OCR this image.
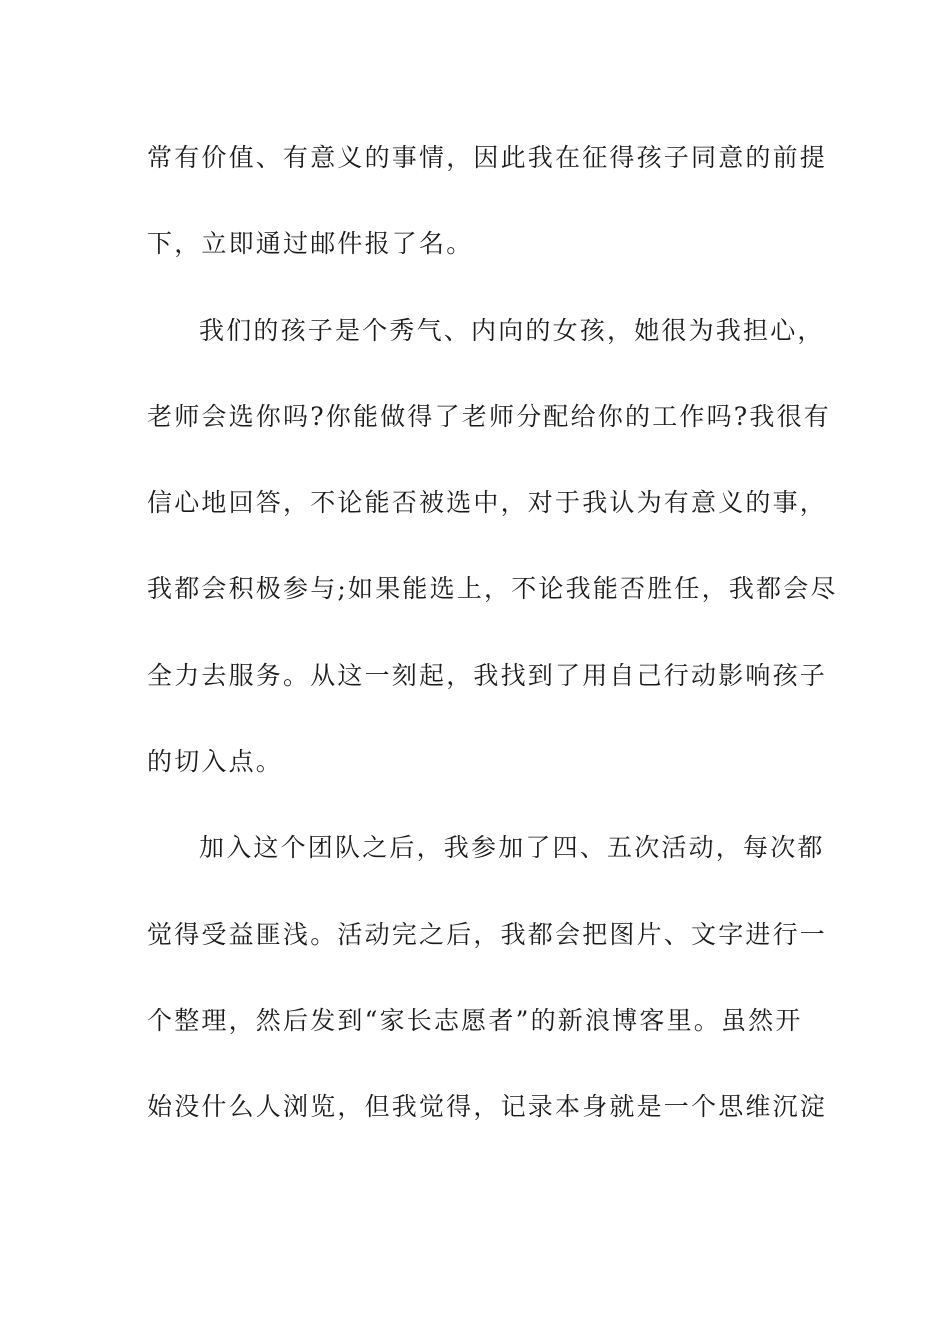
常有价值、有意义的事情，因此我在征得孩子同意的前提
下，立即通过邮件报了名。
我们的孩子是个秀气、内向的女孩，她很为我担心，
老师会选你吗?你能做得了老师分配给你的工作吗?我很有
信心地回答，不论能否被选中，对于我认为有意义的事，
我都会积极参与;如果能选上，不论我能否胜任，我都会尽
全力去服务。从这一刻起，我找到了用自己行动影响孩子
的切入点。
加入这个团队之后，我参加了四、五次活动，每次都
觉得受益匪浅。活动完之后，我都会把图片、文字进行一
个整理，然后发到“家长志愿者”的新浪博客里。虽然开
始没什么人浏览，但我觉得，记录本身就是一个思维沉淀
